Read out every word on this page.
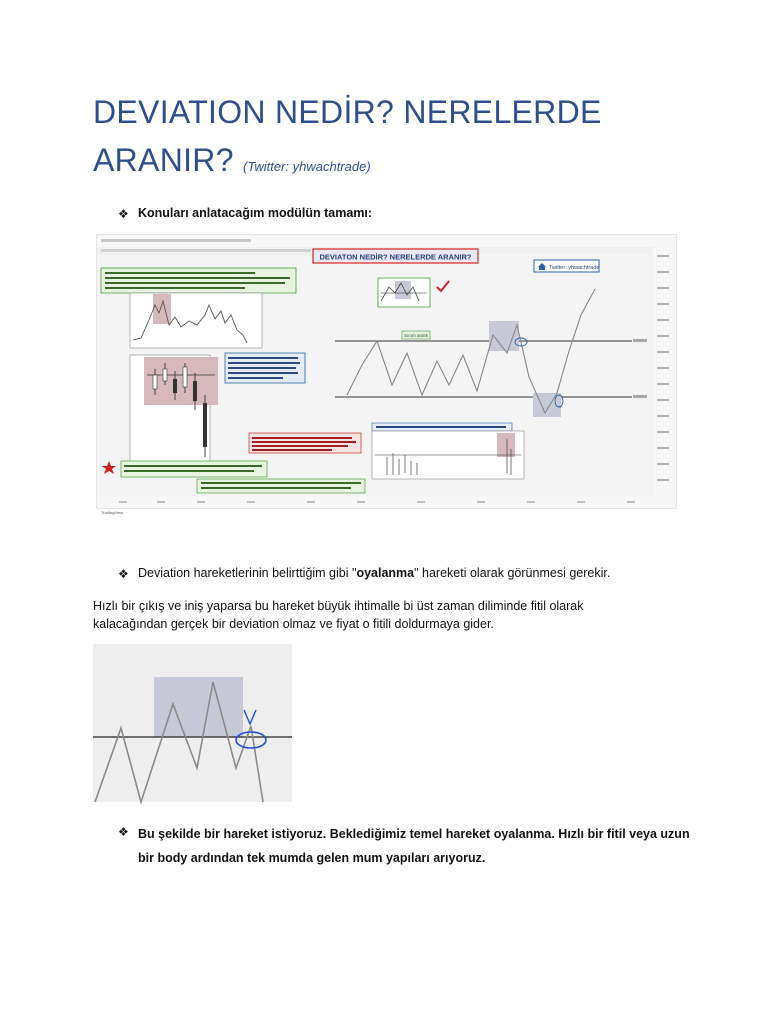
DEVIATION NEDİR? NERELERDE
ARANIR? (Twitter: yhwachtrade)
❖ Konuları anlatacağım modülün tamamı:
DEVIATON NEDİR? NERELERDE ARANIR?
Twitter: yhwachtrade
Sınırlı aralık
TradingView
❖ Deviation hareketlerinin belirttiğim gibi "oyalanma" hareketi olarak görünmesi gerekir.
Hızlı bir çıkış ve iniş yaparsa bu hareket büyük ihtimalle bi üst zaman diliminde fitil olarak
kalacağından gerçek bir deviation olmaz ve fiyat o fitili doldurmaya gider.
❖ Bu şekilde bir hareket istiyoruz. Beklediğimiz temel hareket oyalanma. Hızlı bir fitil veya uzun
bir body ardından tek mumda gelen mum yapıları arıyoruz.
